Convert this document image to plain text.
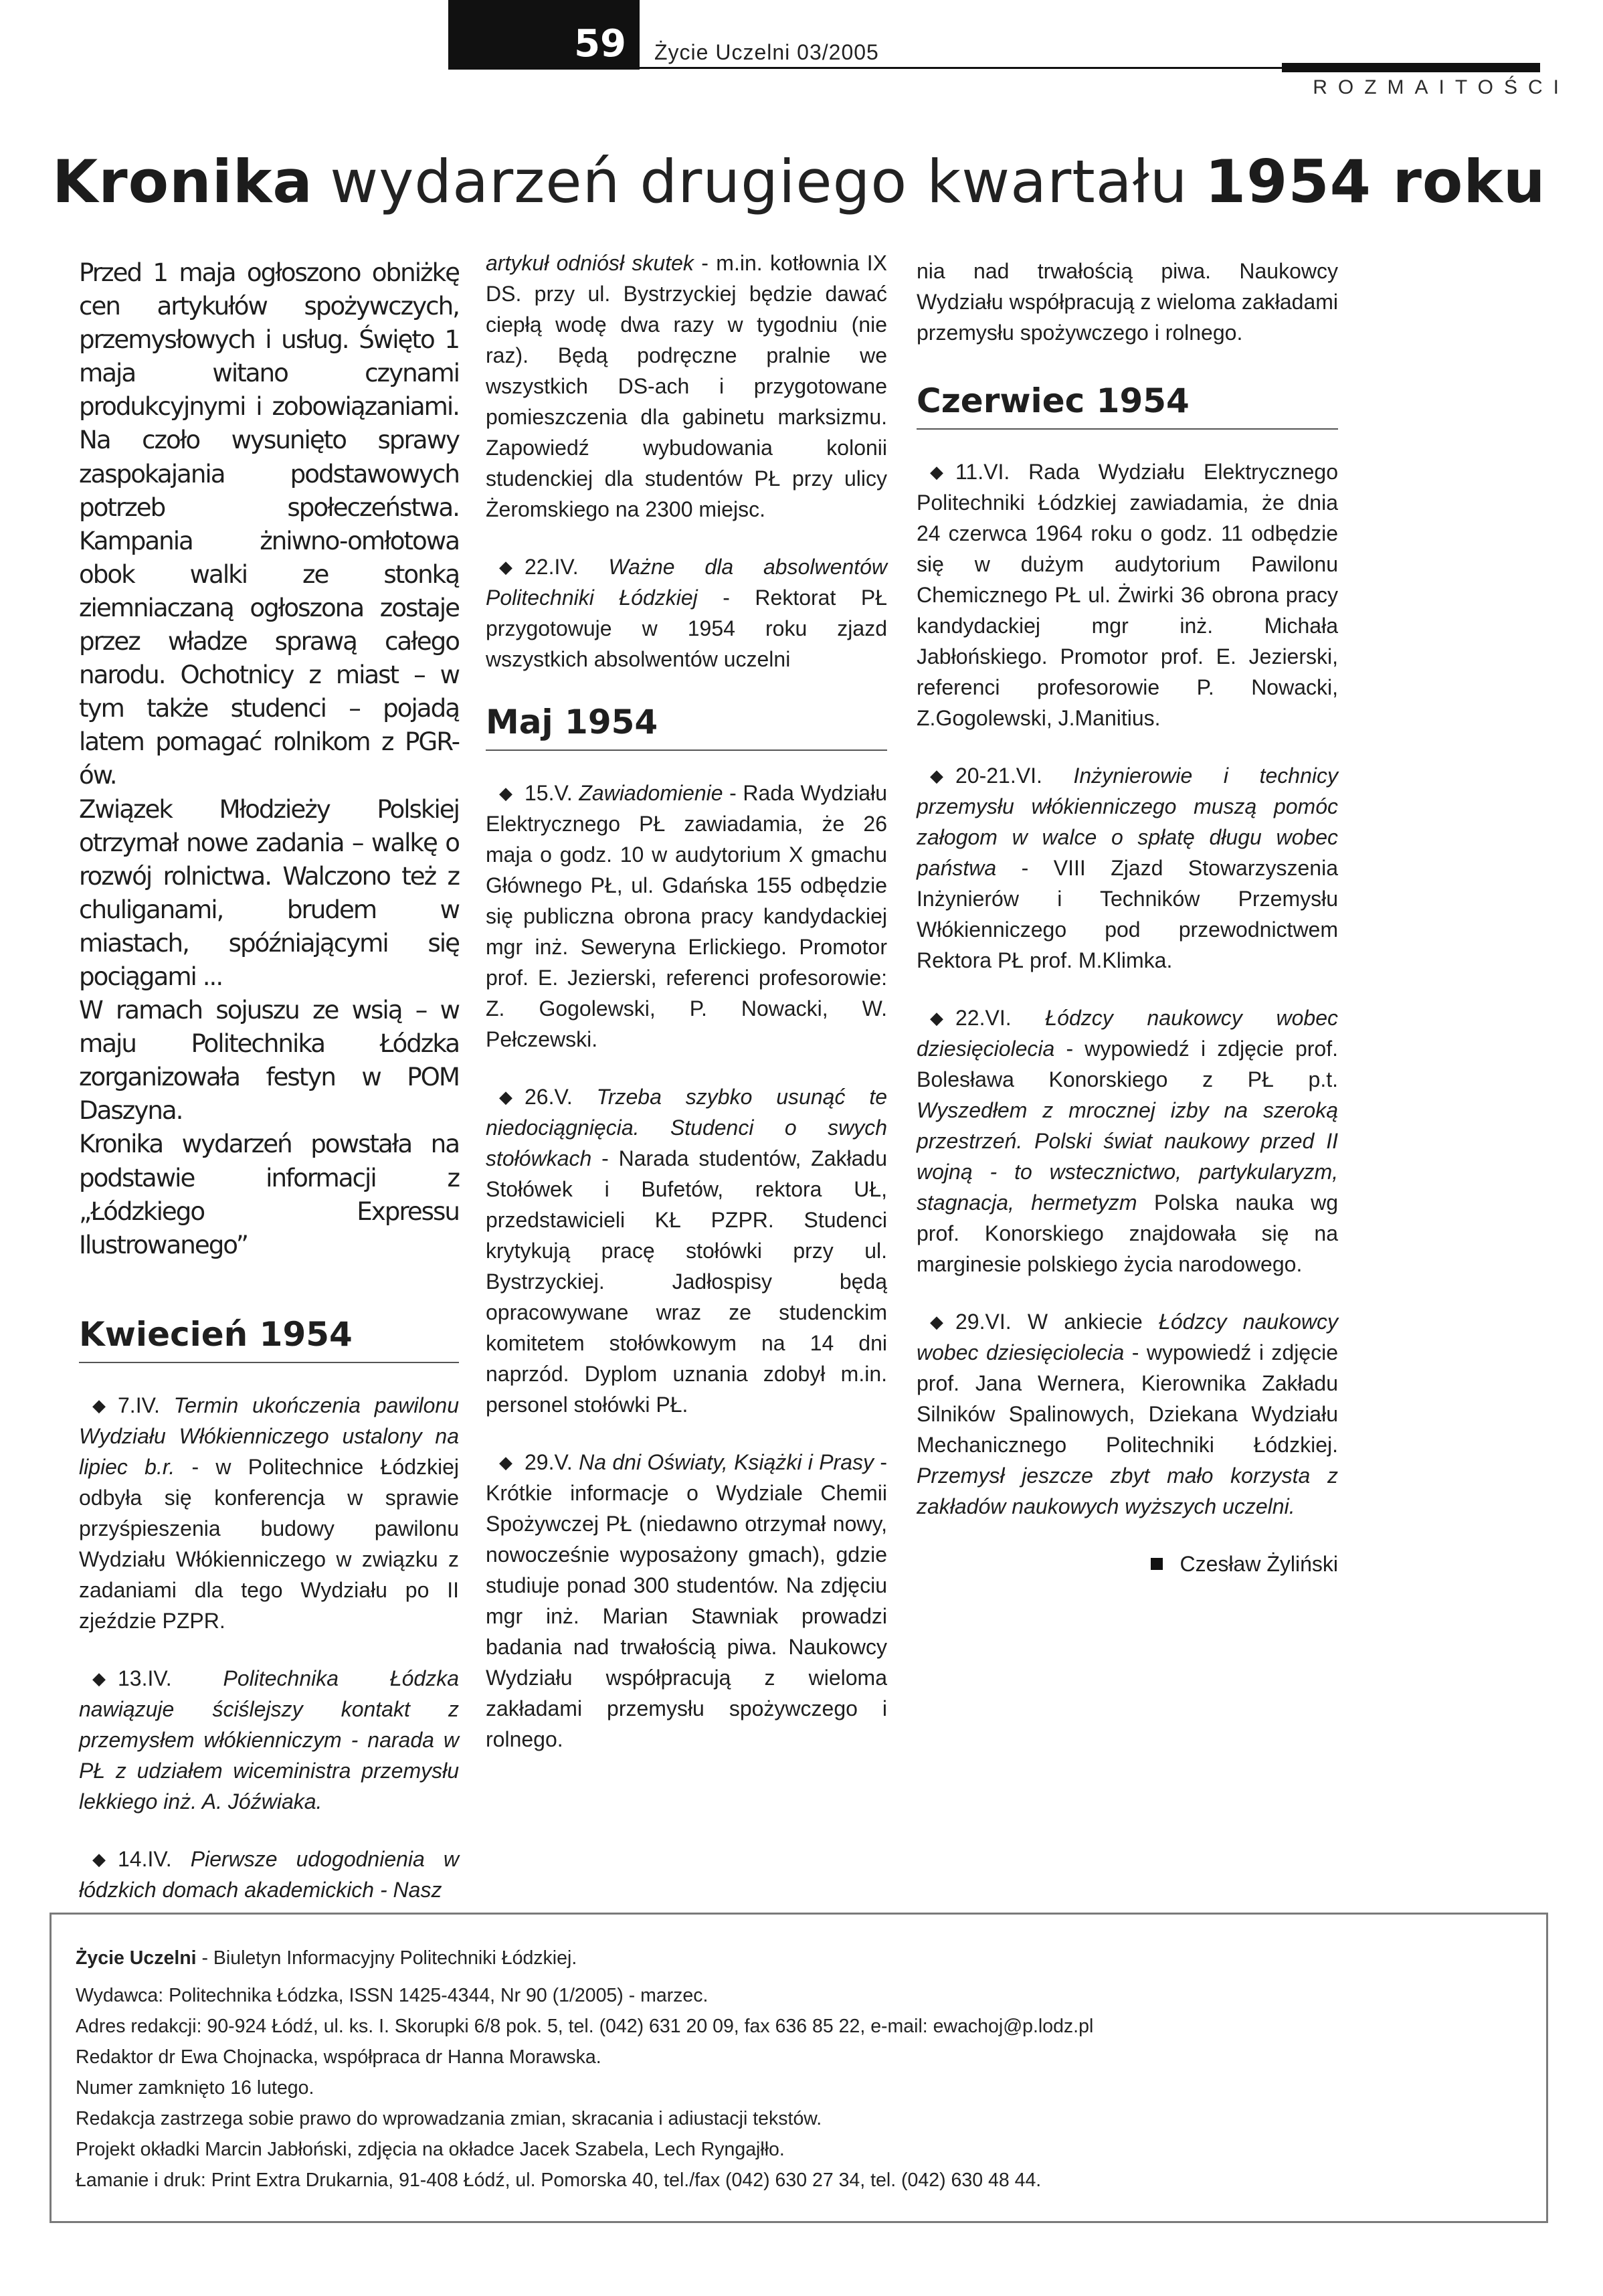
59	Życie Uczelni 03/2005
ROZMAITOŚCI
Kronika wydarzeń drugiego kwartału 1954 roku

Przed 1 maja ogłoszono obniżkę cen artykułów spożywczych, przemysłowych i usług. Święto 1 maja witano czynami produkcyjnymi i zobowiązaniami. Na czoło wysunięto sprawy zaspokajania podstawowych potrzeb społeczeństwa. Kampania żniwno-omłotowa obok walki ze stonką ziemniaczaną ogłoszona zostaje przez władze sprawą całego narodu. Ochotnicy z miast – w tym także studenci – pojadą latem pomagać rolnikom z PGR-ów.

Związek Młodzieży Polskiej otrzymał nowe zadania – walkę o rozwój rolnictwa. Walczono też z chuliganami, brudem w miastach, spóźniającymi się pociągami ...

W ramach sojuszu ze wsią – w maju Politechnika Łódzka zorganizowała festyn w POM Daszyna.

Kronika wydarzeń powstała na podstawie informacji z „Łódzkiego Expressu Ilustrowanego”

Kwiecień 1954
◆ 7.IV. Termin ukończenia pawilonu Wydziału Włókienniczego ustalony na lipiec b.r. - w Politechnice Łódzkiej odbyła się konferencja w sprawie przyśpieszenia budowy pawilonu Wydziału Włókienniczego w związku z zadaniami dla tego Wydziału po II zjeździe PZPR.
◆ 13.IV. Politechnika Łódzka nawiązuje ściślejszy kontakt z przemysłem włókienniczym - narada w PŁ z udziałem wiceministra przemysłu lekkiego inż. A. Jóźwiaka.
◆ 14.IV. Pierwsze udogodnienia w łódzkich domach akademickich - Nasz
artykuł odniósł skutek - m.in. kotłownia IX DS. przy ul. Bystrzyckiej będzie dawać ciepłą wodę dwa razy w tygodniu (nie raz). Będą podręczne pralnie we wszystkich DS-ach i przygotowane pomieszczenia dla gabinetu marksizmu. Zapowiedź wybudowania kolonii studenckiej dla studentów PŁ przy ulicy Żeromskiego na 2300 miejsc.
◆ 22.IV. Ważne dla absolwentów Politechniki Łódzkiej - Rektorat PŁ przygotowuje w 1954 roku zjazd wszystkich absolwentów uczelni
Maj 1954
◆ 15.V. Zawiadomienie - Rada Wydziału Elektrycznego PŁ zawiadamia, że 26 maja o godz. 10 w audytorium X gmachu Głównego PŁ, ul. Gdańska 155 odbędzie się publiczna obrona pracy kandydackiej mgr inż. Seweryna Erlickiego. Promotor prof. E. Jezierski, referenci profesorowie: Z. Gogolewski, P. Nowacki, W. Pełczewski.
◆ 26.V. Trzeba szybko usunąć te niedociągnięcia. Studenci o swych stołówkach - Narada studentów, Zakładu Stołówek i Bufetów, rektora UŁ, przedstawicieli KŁ PZPR. Studenci krytykują pracę stołówki przy ul. Bystrzyckiej. Jadłospisy będą opracowywane wraz ze studenckim komitetem stołówkowym na 14 dni naprzód. Dyplom uznania zdobył m.in. personel stołówki PŁ.
◆ 29.V. Na dni Oświaty, Książki i Prasy - Krótkie informacje o Wydziale Chemii Spożywczej PŁ (niedawno otrzymał nowy, nowocześnie wyposażony gmach), gdzie studiuje ponad 300 studentów. Na zdjęciu mgr inż. Marian Stawniak prowadzi badania nad trwałością piwa. Naukowcy Wydziału współpracują z wieloma zakładami przemysłu spożywczego i rolnego.
nia nad trwałością piwa. Naukowcy Wydziału współpracują z wieloma zakładami przemysłu spożywczego i rolnego.
Czerwiec 1954
◆ 11.VI. Rada Wydziału Elektrycznego Politechniki Łódzkiej zawiadamia, że dnia 24 czerwca 1964 roku o godz. 11 odbędzie się w dużym audytorium Pawilonu Chemicznego PŁ ul. Żwirki 36 obrona pracy kandydackiej mgr inż. Michała Jabłońskiego. Promotor prof. E. Jezierski, referenci profesorowie P. Nowacki, Z.Gogolewski, J.Manitius.
◆ 20-21.VI. Inżynierowie i technicy przemysłu włókienniczego muszą pomóc załogom w walce o spłatę długu wobec państwa - VIII Zjazd Stowarzyszenia Inżynierów i Techników Przemysłu Włókienniczego pod przewodnictwem Rektora PŁ prof. M.Klimka.
◆ 22.VI. Łódzcy naukowcy wobec dziesięciolecia - wypowiedź i zdjęcie prof. Bolesława Konorskiego z PŁ p.t. Wyszedłem z mrocznej izby na szeroką przestrzeń. Polski świat naukowy przed II wojną - to wstecznictwo, partykularyzm, stagnacja, hermetyzm Polska nauka wg prof. Konorskiego znajdowała się na marginesie polskiego życia narodowego.
◆ 29.VI. W ankiecie Łódzcy naukowcy wobec dziesięciolecia - wypowiedź i zdjęcie prof. Jana Wernera, Kierownika Zakładu Silników Spalinowych, Dziekana Wydziału Mechanicznego Politechniki Łódzkiej. Przemysł jeszcze zbyt mało korzysta z zakładów naukowych wyższych uczelni.
Czesław Żyliński
Życie Uczelni - Biuletyn Informacyjny Politechniki Łódzkiej.
Wydawca: Politechnika Łódzka, ISSN 1425-4344, Nr 90 (1/2005) - marzec.
Adres redakcji: 90-924 Łódź, ul. ks. I. Skorupki 6/8 pok. 5, tel. (042) 631 20 09, fax 636 85 22, e-mail: ewachoj@p.lodz.pl
Redaktor dr Ewa Chojnacka, współpraca dr Hanna Morawska.
Numer zamknięto 16 lutego.
Redakcja zastrzega sobie prawo do wprowadzania zmian, skracania i adiustacji tekstów.
Projekt okładki Marcin Jabłoński, zdjęcia na okładce Jacek Szabela, Lech Ryngajłło.
Łamanie i druk: Print Extra Drukarnia, 91-408 Łódź, ul. Pomorska 40, tel./fax (042) 630 27 34, tel. (042) 630 48 44.
